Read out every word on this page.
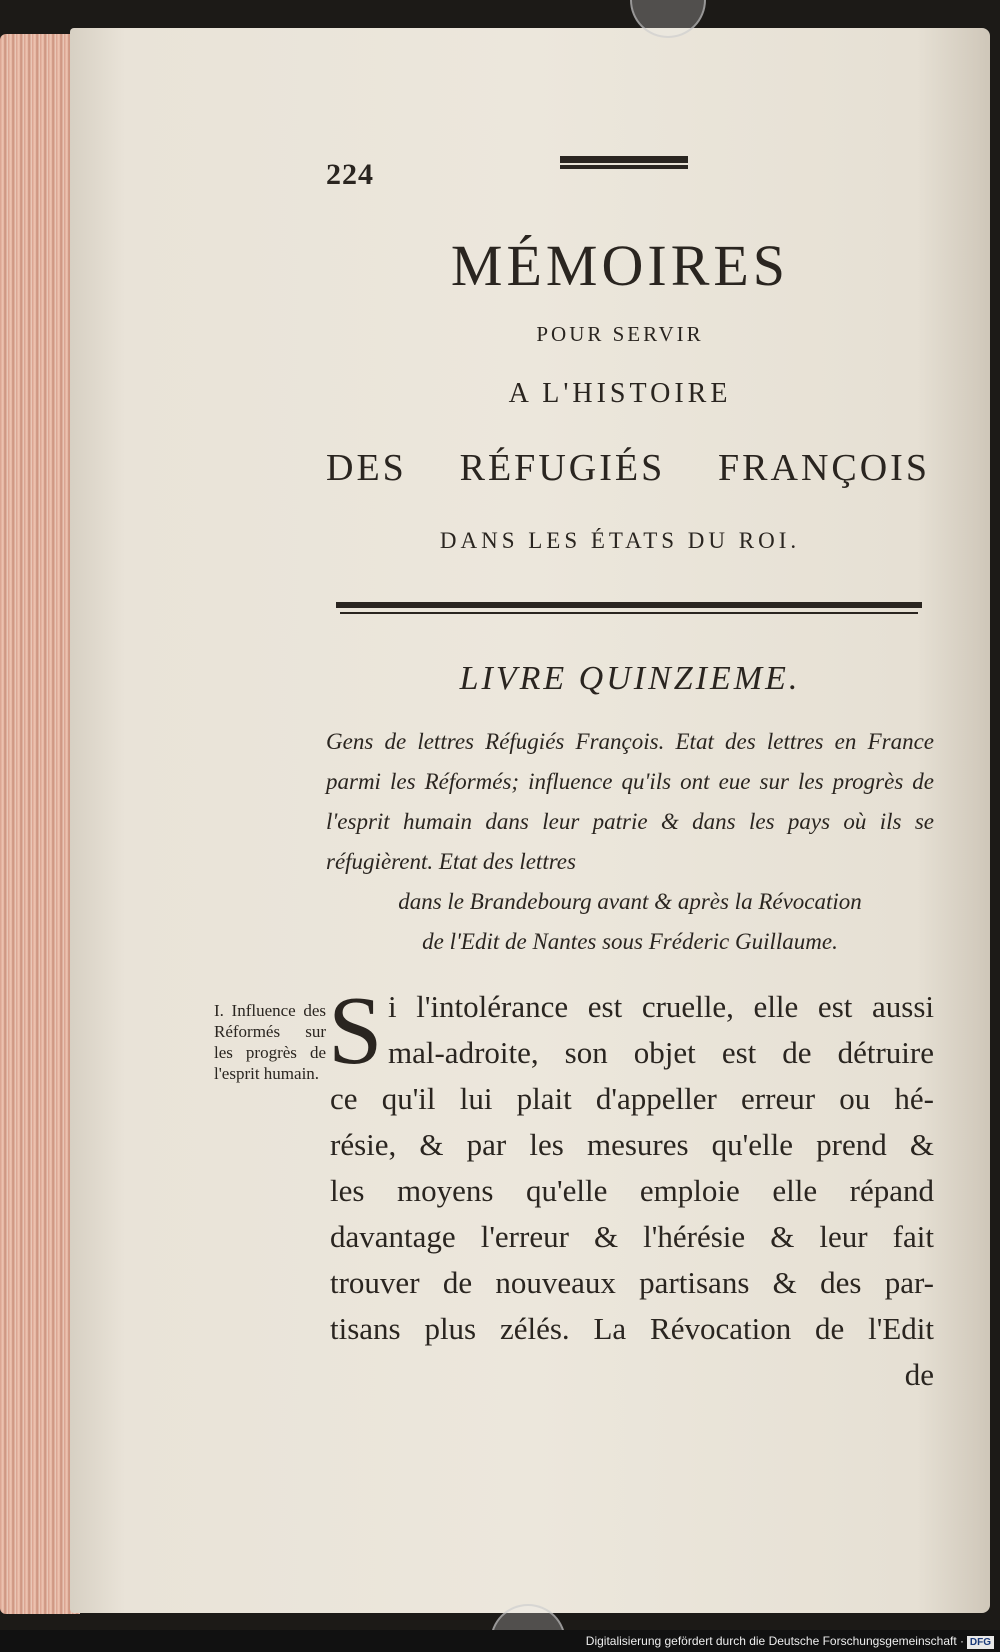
224
MÉMOIRES
POUR SERVIR
A L'HISTOIRE
DES RÉFUGIÉS FRANÇOIS
DANS LES ÉTATS DU ROI.
LIVRE QUINZIEME.
Gens de lettres Réfugiés François. Etat des lettres en France parmi les Réformés; influence qu'ils ont eue sur les progrès de l'esprit humain dans leur patrie & dans les pays où ils se réfugièrent. Etat des lettres
dans le Brandebourg avant & après la Révocation
de l'Edit de Nantes sous Fréderic Guillaume.
I. Influence des Réformés sur les progrès de l'esprit humain. S i l'intolérance est cruelle, elle est aussi
mal-adroite, son objet est de détruire
ce qu'il lui plait d'appeller erreur ou hé-
résie, & par les mesures qu'elle prend &
les moyens qu'elle emploie elle répand
davantage l'erreur & l'hérésie & leur fait
trouver de nouveaux partisans & des par-
tisans plus zélés. La Révocation de l'Edit
de
Digitalisierung gefördert durch die Deutsche Forschungsgemeinschaft · DFG
